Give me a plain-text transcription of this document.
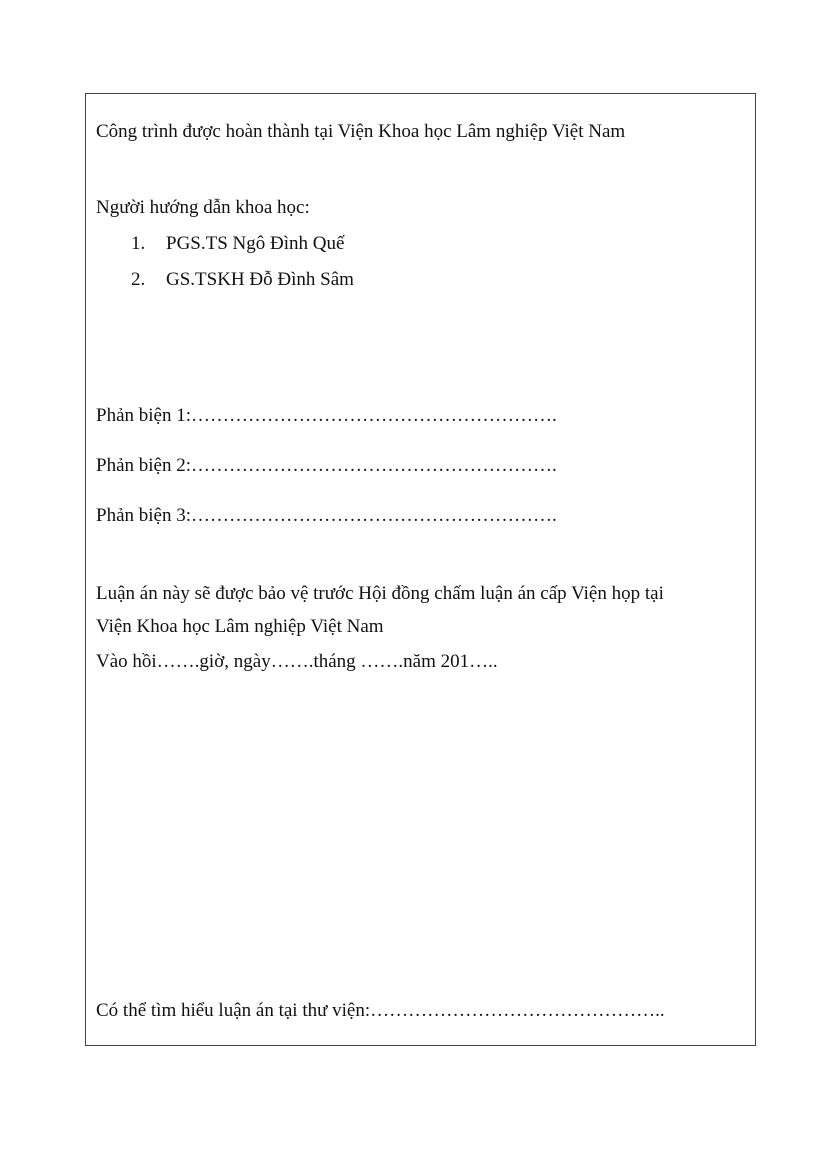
Công trình được hoàn thành tại Viện Khoa học Lâm nghiệp Việt Nam
Người hướng dẫn khoa học:
1. PGS.TS Ngô Đình Quế
2. GS.TSKH Đỗ Đình Sâm
Phản biện 1:………………………………………………….
Phản biện 2:………………………………………………….
Phản biện 3:………………………………………………….
Luận án này sẽ được bảo vệ trước Hội đồng chấm luận án cấp Viện họp tại
Viện Khoa học Lâm nghiệp Việt Nam
Vào hồi…….giờ, ngày…….tháng …….năm 201…..
Có thể tìm hiểu luận án tại thư viện:………………………………………..
